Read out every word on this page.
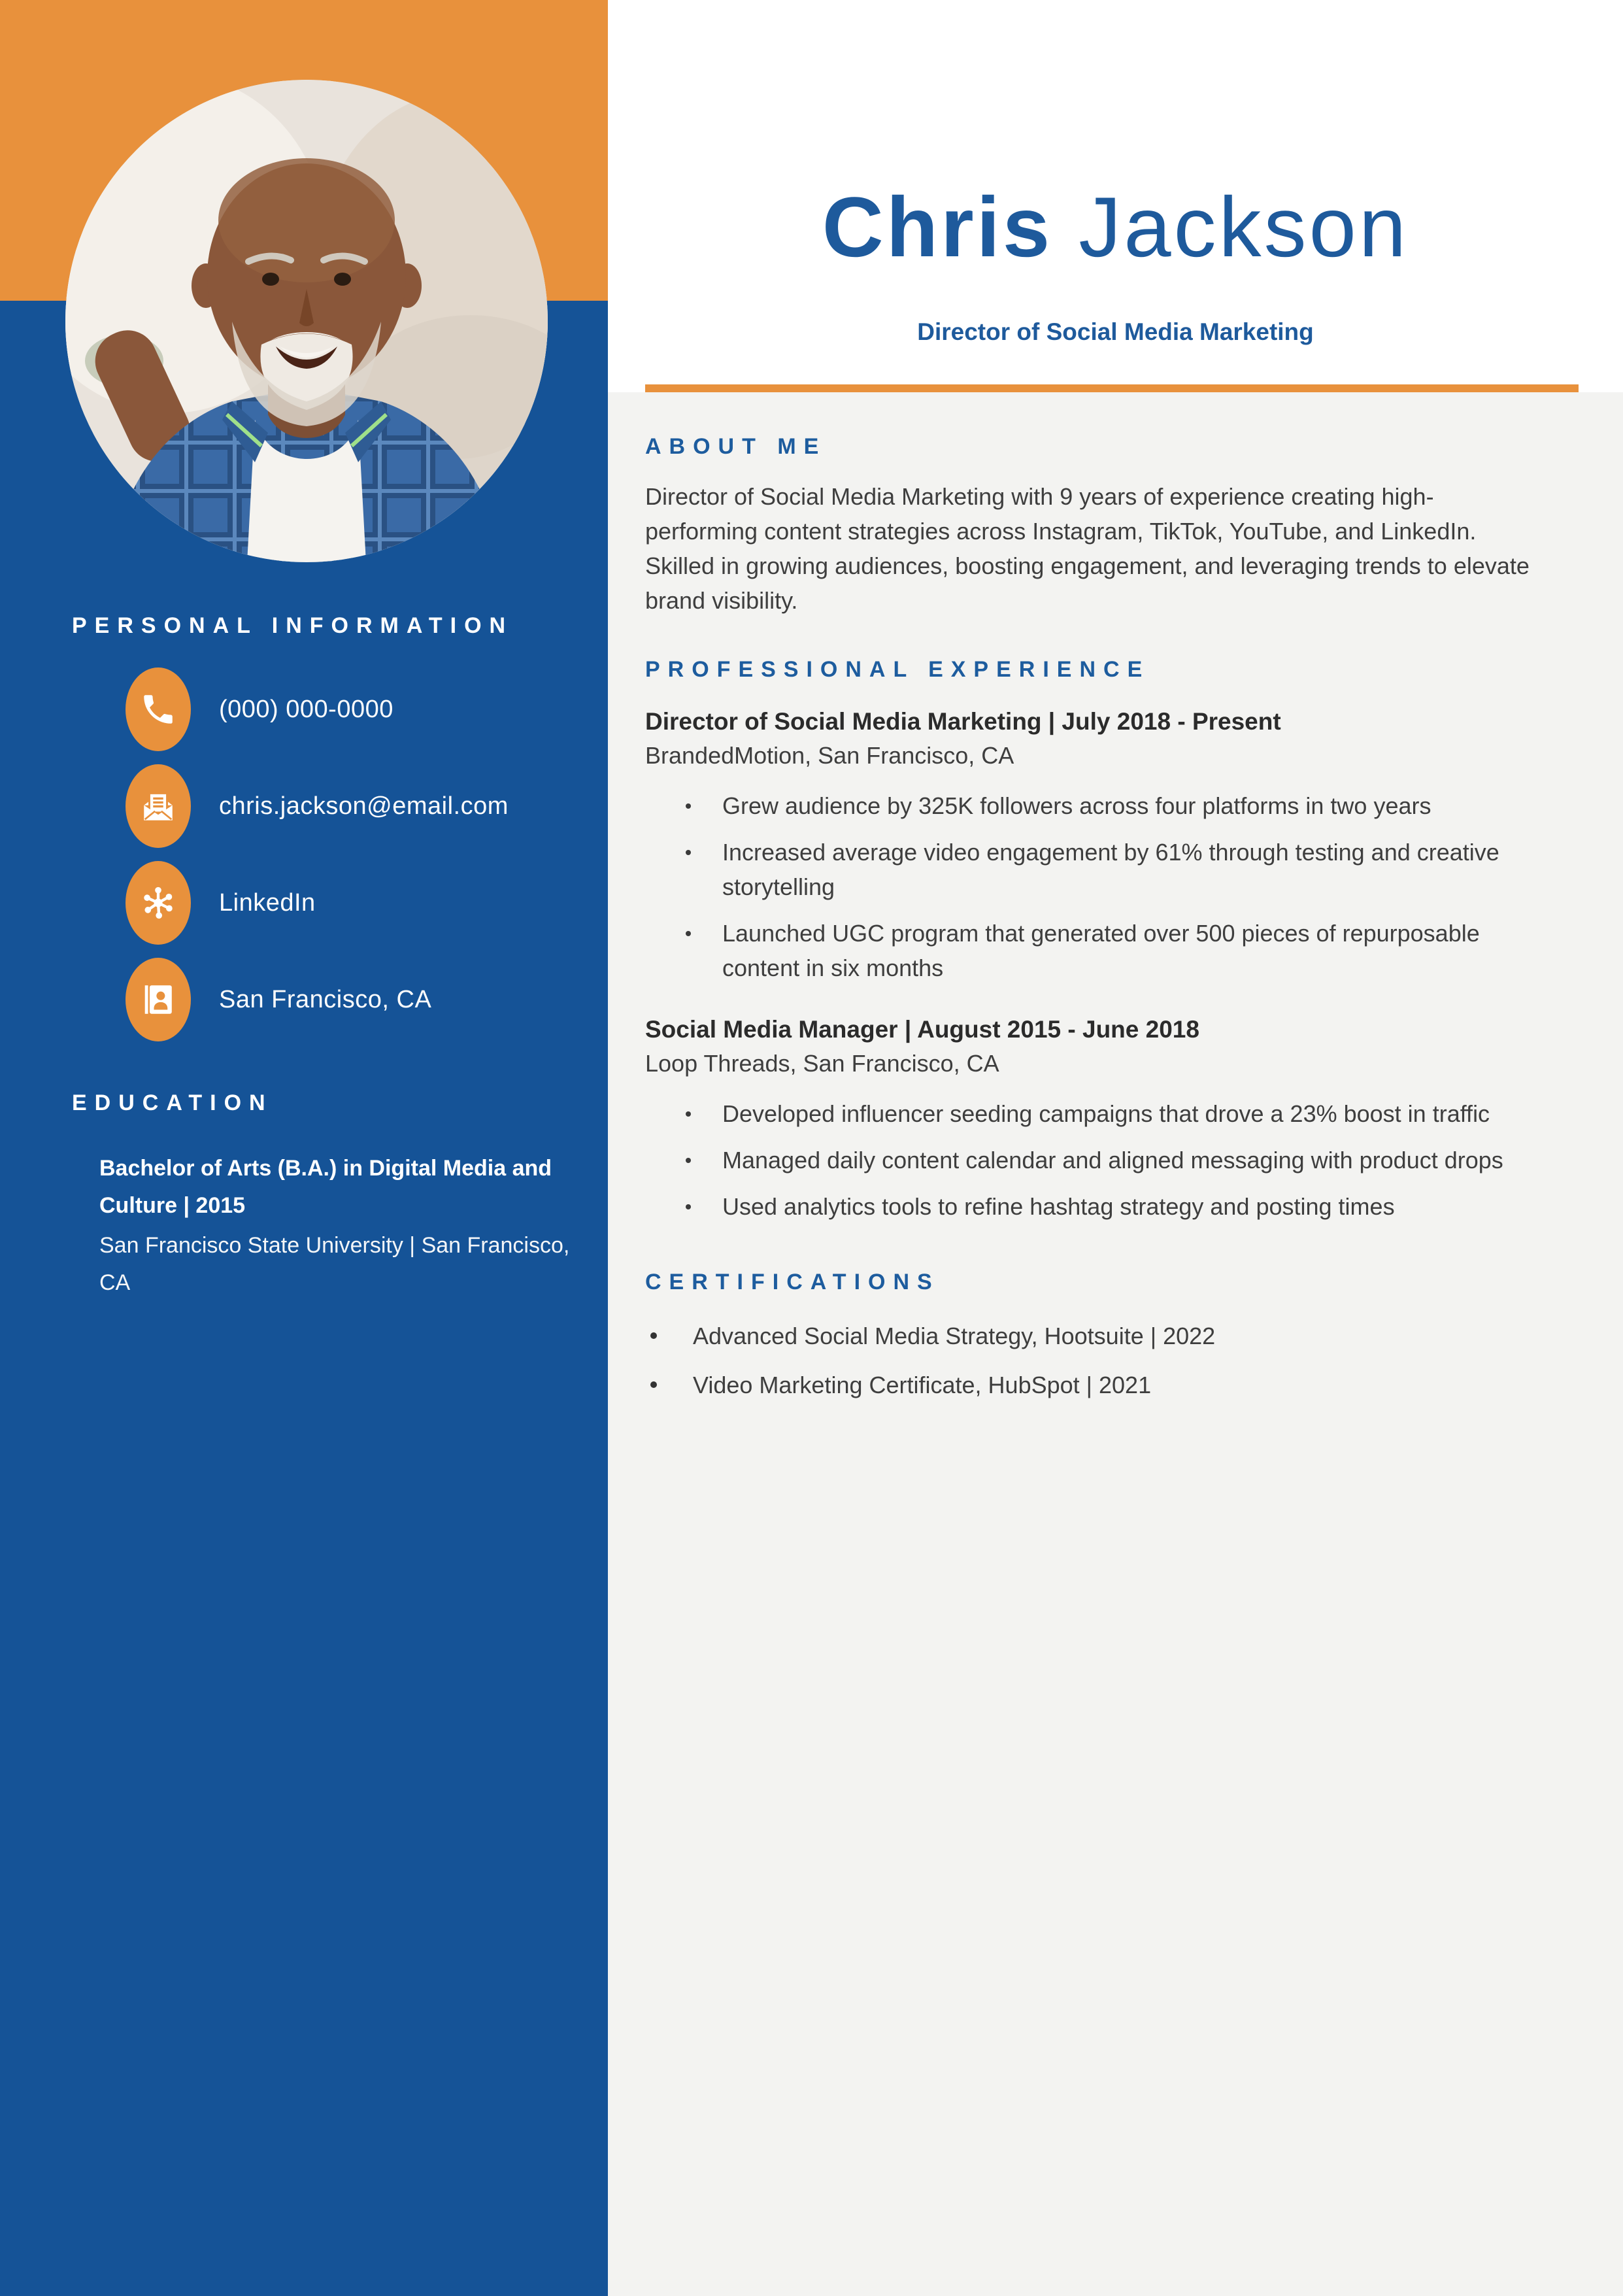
PERSONAL INFORMATION
(000) 000-0000
chris.jackson@email.com
LinkedIn
San Francisco, CA
EDUCATION
Bachelor of Arts (B.A.) in Digital Media and Culture | 2015
San Francisco State University | San Francisco, CA
Chris Jackson
Director of Social Media Marketing
ABOUT ME
Director of Social Media Marketing with 9 years of experience creating high-performing content strategies across Instagram, TikTok, YouTube, and LinkedIn. Skilled in growing audiences, boosting engagement, and leveraging trends to elevate brand visibility.
PROFESSIONAL EXPERIENCE
Director of Social Media Marketing | July 2018 - Present
BrandedMotion, San Francisco, CA
Grew audience by 325K followers across four platforms in two years
Increased average video engagement by 61% through testing and creative storytelling
Launched UGC program that generated over 500 pieces of repurposable content in six months
Social Media Manager | August 2015 - June 2018
Loop Threads, San Francisco, CA
Developed influencer seeding campaigns that drove a 23% boost in traffic
Managed daily content calendar and aligned messaging with product drops
Used analytics tools to refine hashtag strategy and posting times
CERTIFICATIONS
Advanced Social Media Strategy, Hootsuite | 2022
Video Marketing Certificate, HubSpot | 2021
